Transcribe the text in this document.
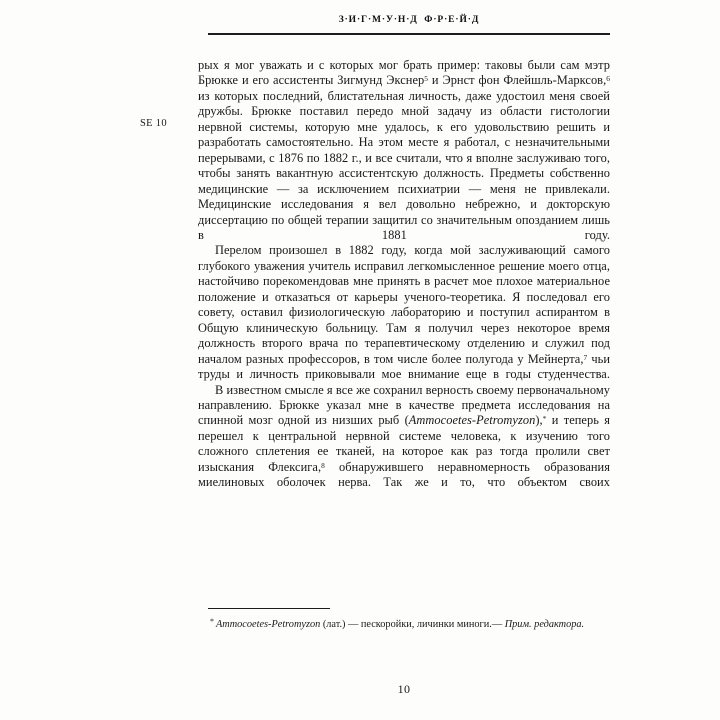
З·И·Г·М·У·Н·Д  Ф·Р·Е·Й·Д
SE 10

рых я мог уважать и с которых мог брать пример: таковы были сам мэтр Брюкке и его ассистенты Зигмунд Экснер$^5$ и Эрнст фон Флейшль-Марксов,$^6$ из которых последний, блистательная личность, даже удостоил меня своей дружбы. Брюкке поставил передо мной задачу из области гистологии нервной системы, которую мне удалось, к его удовольствию решить и разработать самостоятельно. На этом месте я работал, с незначительными перерывами, с 1876 по 1882 г., и все считали, что я вполне заслуживаю того, чтобы занять вакантную ассистентскую должность. Предметы собственно медицинские — за исключением психиатрии — меня не привлекали. Медицинские исследования я вел довольно небрежно, и докторскую диссертацию по общей терапии защитил со значительным опозданием лишь в 1881 году.

Перелом произошел в 1882 году, когда мой заслуживающий самого глубокого уважения учитель исправил легкомысленное решение моего отца, настойчиво порекомендовав мне принять в расчет мое плохое материальное положение и отказаться от карьеры ученого-теоретика. Я последовал его совету, оставил физиологическую лабораторию и поступил аспирантом в Общую клиническую больницу. Там я получил через некоторое время должность второго врача по терапевтическому отделению и служил под началом разных профессоров, в том числе более полугода у Мейнерта,$^7$ чьи труды и личность приковывали мое внимание еще в годы студенчества.

В известном смысле я все же сохранил верность своему первоначальному направлению. Брюкке указал мне в качестве предмета исследования на спинной мозг одной из низших рыб (Ammocoetes-Petromyzon),* и теперь я перешел к центральной нервной системе человека, к изучению того сложного сплетения ее тканей, на которое как раз тогда пролили свет изыскания Флексига,$^8$ обнаружившего неравномерность образования миелиновых оболочек нерва. Так же и то, что объектом своих

* Ammocoetes-Petromyzon (лат.) — пескоройки, личинки миноги.— Прим. редактора.

10
